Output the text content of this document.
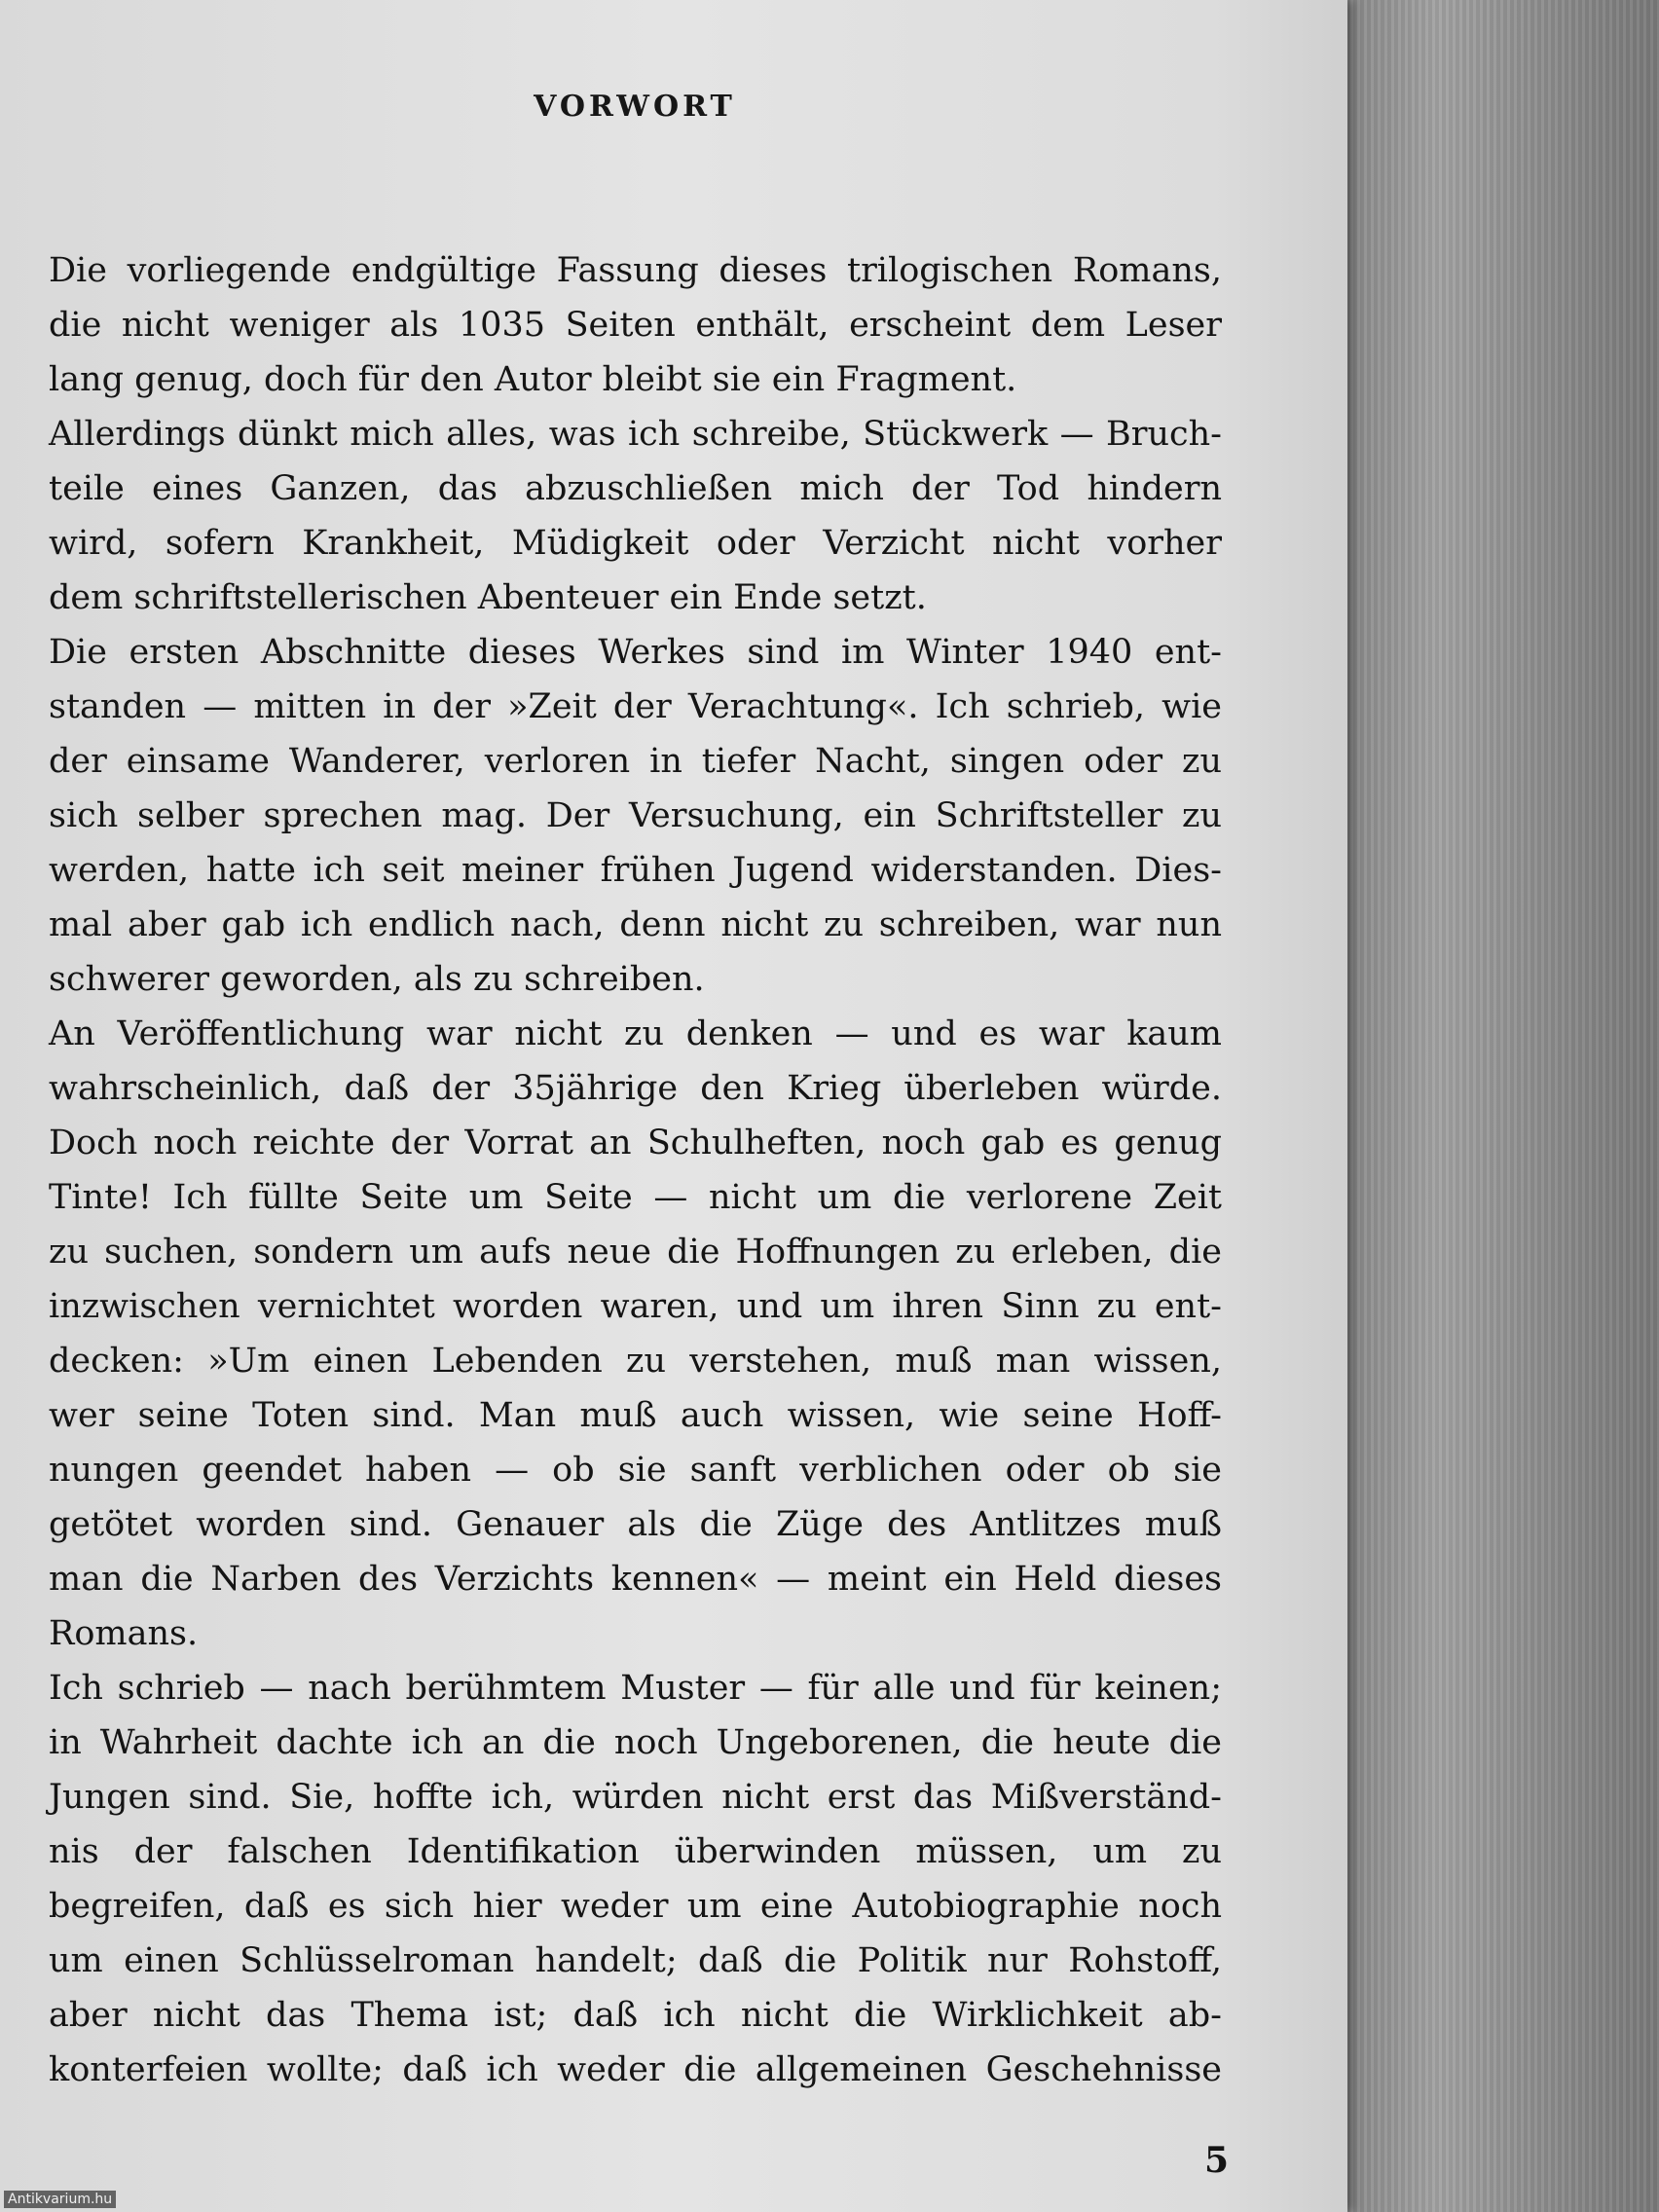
VORWORT
Die vorliegende endgültige Fassung dieses trilogischen Romans,
die nicht weniger als 1035 Seiten enthält, erscheint dem Leser
lang genug, doch für den Autor bleibt sie ein Fragment.
Allerdings dünkt mich alles, was ich schreibe, Stückwerk — Bruch-
teile eines Ganzen, das abzuschließen mich der Tod hindern
wird, sofern Krankheit, Müdigkeit oder Verzicht nicht vorher
dem schriftstellerischen Abenteuer ein Ende setzt.
Die ersten Abschnitte dieses Werkes sind im Winter 1940 ent-
standen — mitten in der »Zeit der Verachtung«. Ich schrieb, wie
der einsame Wanderer, verloren in tiefer Nacht, singen oder zu
sich selber sprechen mag. Der Versuchung, ein Schriftsteller zu
werden, hatte ich seit meiner frühen Jugend widerstanden. Dies-
mal aber gab ich endlich nach, denn nicht zu schreiben, war nun
schwerer geworden, als zu schreiben.
An Veröffentlichung war nicht zu denken — und es war kaum
wahrscheinlich, daß der 35jährige den Krieg überleben würde.
Doch noch reichte der Vorrat an Schulheften, noch gab es genug
Tinte! Ich füllte Seite um Seite — nicht um die verlorene Zeit
zu suchen, sondern um aufs neue die Hoffnungen zu erleben, die
inzwischen vernichtet worden waren, und um ihren Sinn zu ent-
decken: »Um einen Lebenden zu verstehen, muß man wissen,
wer seine Toten sind. Man muß auch wissen, wie seine Hoff-
nungen geendet haben — ob sie sanft verblichen oder ob sie
getötet worden sind. Genauer als die Züge des Antlitzes muß
man die Narben des Verzichts kennen« — meint ein Held dieses
Romans.
Ich schrieb — nach berühmtem Muster — für alle und für keinen;
in Wahrheit dachte ich an die noch Ungeborenen, die heute die
Jungen sind. Sie, hoffte ich, würden nicht erst das Mißverständ-
nis der falschen Identifikation überwinden müssen, um zu
begreifen, daß es sich hier weder um eine Autobiographie noch
um einen Schlüsselroman handelt; daß die Politik nur Rohstoff,
aber nicht das Thema ist; daß ich nicht die Wirklichkeit ab-
konterfeien wollte; daß ich weder die allgemeinen Geschehnisse
5
Antikvarium.hu
